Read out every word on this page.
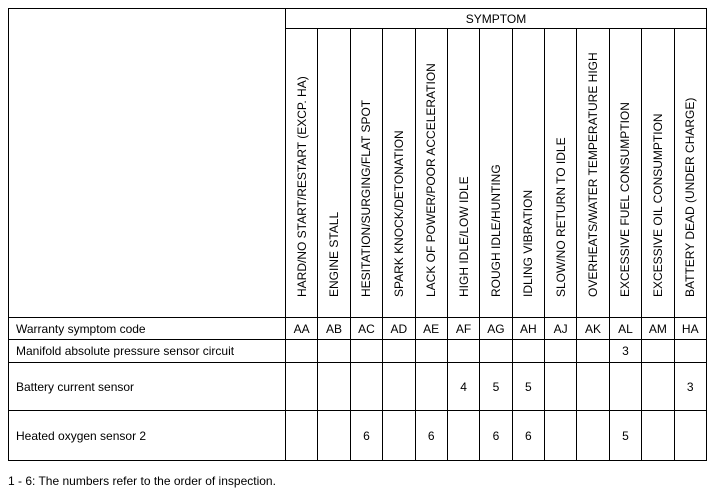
	SYMPTOM												

	HARD/NO START/RESTART (EXCP. HA)	ENGINE STALL	HESITATION/SURGING/FLAT SPOT	SPARK KNOCK/DETONATION	LACK OF POWER/POOR ACCELERATION	HIGH IDLE/LOW IDLE	ROUGH IDLE/HUNTING	IDLING VIBRATION	SLOW/NO RETURN TO IDLE	OVERHEATS/WATER TEMPERATURE HIGH	EXCESSIVE FUEL CONSUMPTION	EXCESSIVE OIL CONSUMPTION	BATTERY DEAD (UNDER CHARGE)

Warranty symptom code	AA	AB	AC	AD	AE	AF	AG	AH	AJ	AK	AL	AM	HA
Manifold absolute pressure sensor circuit											3		
Battery current sensor						4	5	5					3
Heated oxygen sensor 2			6		6		6	6			5		
1 - 6: The numbers refer to the order of inspection.
